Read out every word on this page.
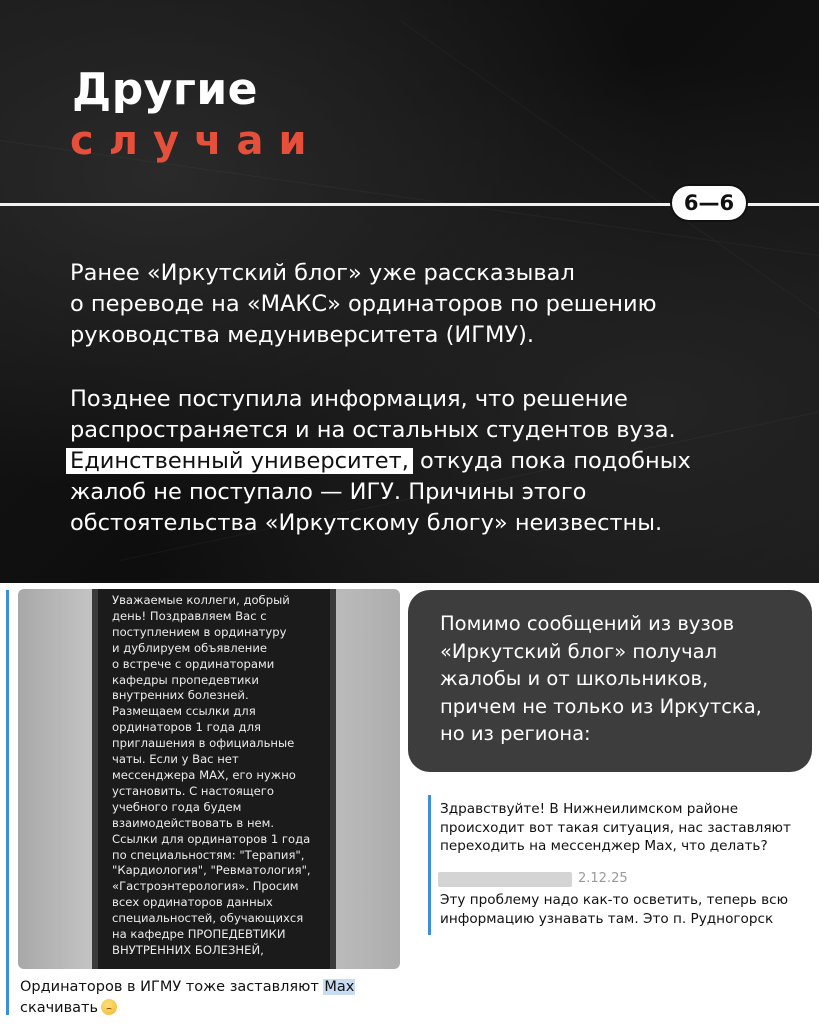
Другие
случаи
6—6
Ранее «Иркутский блог» уже рассказывал
о переводе на «МАКС» ординаторов по решению
руководства медуниверситета (ИГМУ).
Позднее поступила информация, что решение
распространяется и на остальных студентов вуза.
Единственный университет, откуда пока подобных
жалоб не поступало — ИГУ. Причины этого
обстоятельства «Иркутскому блогу» неизвестны.
Уважаемые коллеги, добрый
день! Поздравляем Вас с
поступлением в ординатуру
и дублируем объявление
о встрече с ординаторами
кафедры пропедевтики
внутренних болезней.
Размещаем ссылки для
ординаторов 1 года для
приглашения в официальные
чаты. Если у Вас нет
мессенджера MAX, его нужно
установить. С настоящего
учебного года будем
взаимодействовать в нем.
Ссылки для ординаторов 1 года
по специальностям: "Терапия",
"Кардиология", "Ревматология",
«Гастроэнтерология». Просим
всех ординаторов данных
специальностей, обучающихся
на кафедре ПРОПЕДЕВТИКИ
ВНУТРЕННИХ БОЛЕЗНЕЙ,
Ординаторов в ИГМУ тоже заставляют Max
скачивать
Помимо сообщений из вузов
«Иркутский блог» получал
жалобы и от школьников,
причем не только из Иркутска,
но из региона:
Здравствуйте! В Нижнеилимском районе
происходит вот такая ситуация, нас заставляют
переходить на мессенджер Max, что делать?
2.12.25
Эту проблему надо как-то осветить, теперь всю
информацию узнавать там. Это п. Рудногорск
